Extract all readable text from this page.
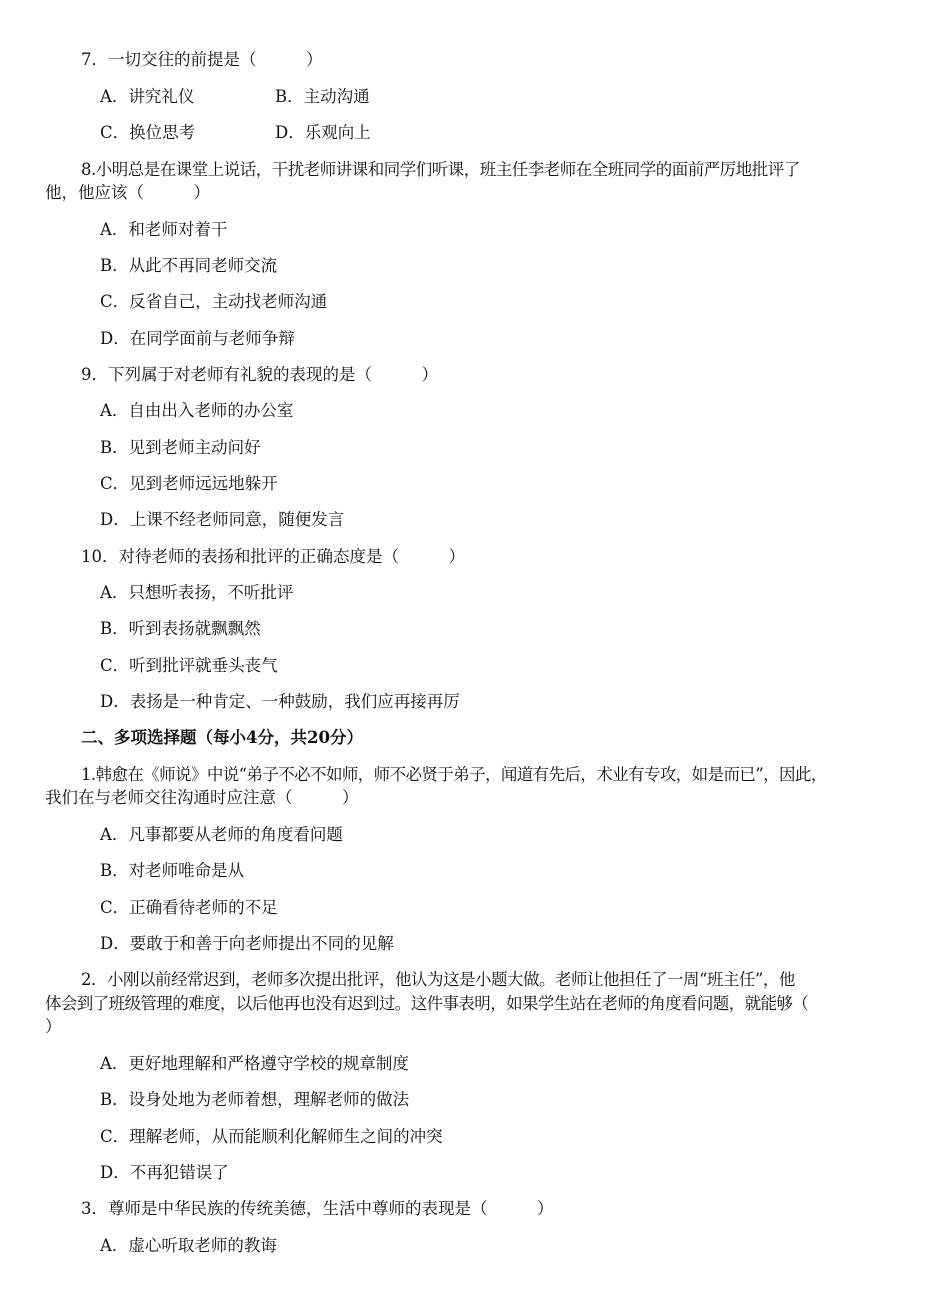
7．一切交往的前提是（　　　）
A．讲究礼仪	B．主动沟通
C．换位思考	D．乐观向上
8.小明总是在课堂上说话，干扰老师讲课和同学们听课，班主任李老师在全班同学的面前严厉地批评了
他，他应该（　　　）
A．和老师对着干
B．从此不再同老师交流
C．反省自己，主动找老师沟通
D．在同学面前与老师争辩
9．下列属于对老师有礼貌的表现的是（　　　）
A．自由出入老师的办公室
B．见到老师主动问好
C．见到老师远远地躲开
D．上课不经老师同意，随便发言
10．对待老师的表扬和批评的正确态度是（　　　）
A．只想听表扬，不听批评
B．听到表扬就飘飘然
C．听到批评就垂头丧气
D．表扬是一种肯定、一种鼓励，我们应再接再厉
二、多项选择题（每小4分，共20分）
1.韩愈在《师说》中说“弟子不必不如师，师不必贤于弟子，闻道有先后，术业有专攻，如是而已”，因此，
我们在与老师交往沟通时应注意（　　　）
A．凡事都要从老师的角度看问题
B．对老师唯命是从
C．正确看待老师的不足
D．要敢于和善于向老师提出不同的见解
2．小刚以前经常迟到，老师多次提出批评，他认为这是小题大做。老师让他担任了一周“班主任”，他
体会到了班级管理的难度，以后他再也没有迟到过。这件事表明，如果学生站在老师的角度看问题，就能够（
）
A．更好地理解和严格遵守学校的规章制度
B．设身处地为老师着想，理解老师的做法
C．理解老师，从而能顺利化解师生之间的冲突
D．不再犯错误了
3．尊师是中华民族的传统美德，生活中尊师的表现是（　　　）
A．虚心听取老师的教诲
